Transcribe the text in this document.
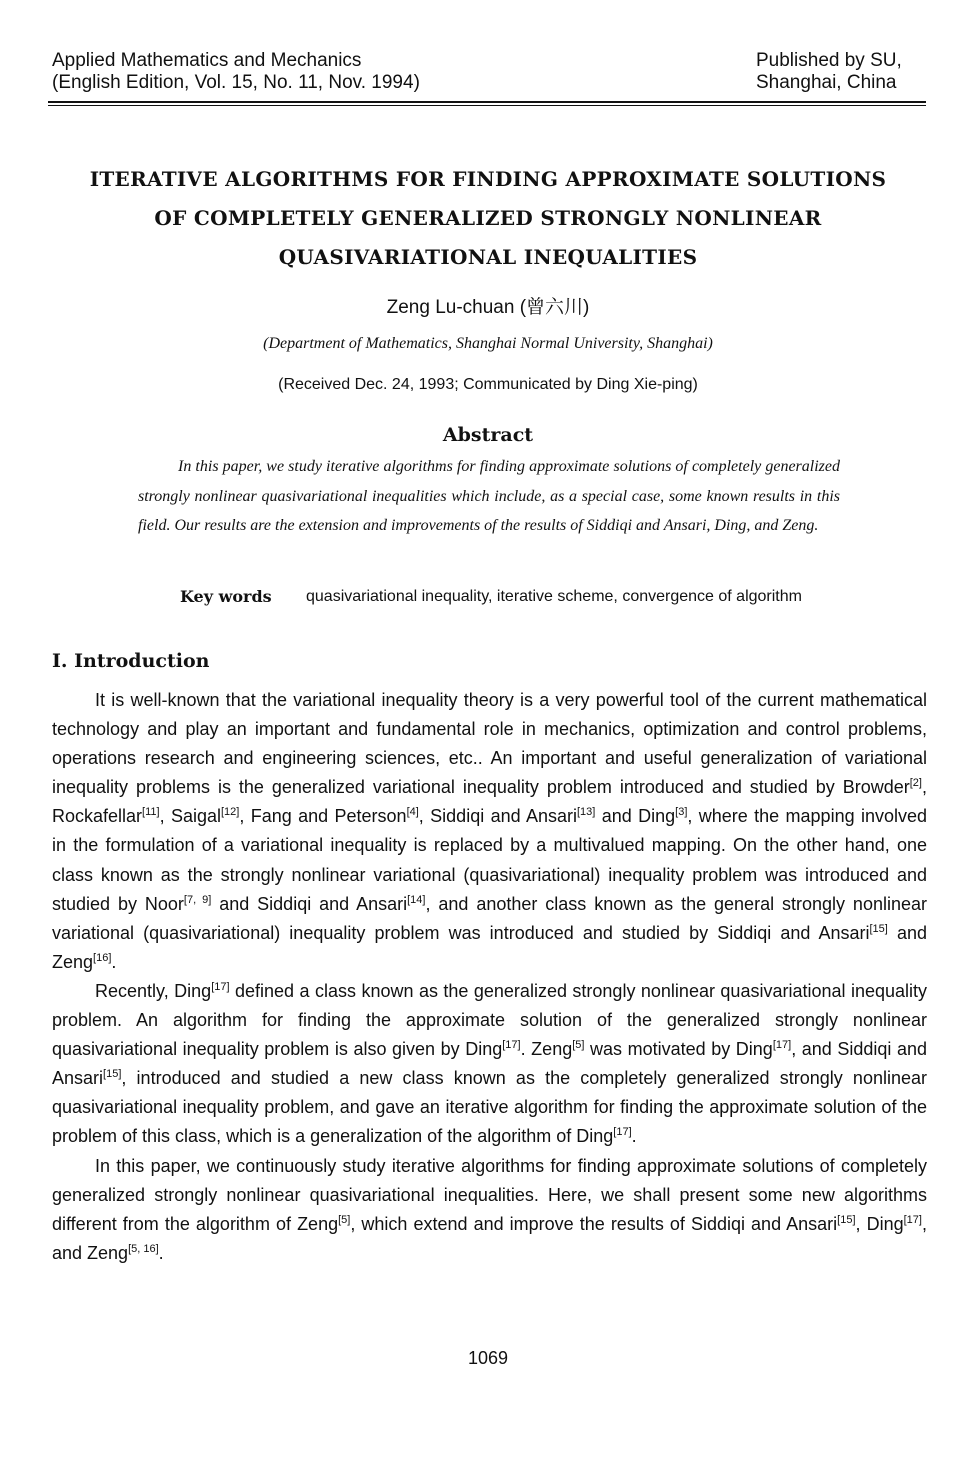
Applied Mathematics and Mechanics
(English Edition, Vol. 15, No. 11, Nov. 1994)
Published by SU,
Shanghai, China
ITERATIVE ALGORITHMS FOR FINDING APPROXIMATE SOLUTIONS
OF COMPLETELY GENERALIZED STRONGLY NONLINEAR
QUASIVARIATIONAL INEQUALITIES
Zeng Lu-chuan (曾六川)
(Department of Mathematics, Shanghai Normal University, Shanghai)
(Received Dec. 24, 1993; Communicated by Ding Xie-ping)
Abstract
In this paper, we study iterative algorithms for finding approximate solutions of completely generalized strongly nonlinear quasivariational inequalities which include, as a special case, some known results in this field. Our results are the extension and improvements of the results of Siddiqi and Ansari, Ding, and Zeng.
Key words quasivariational inequality, iterative scheme, convergence of algorithm
I. Introduction

It is well-known that the variational inequality theory is a very powerful tool of the current mathematical technology and play an important and fundamental role in mechanics, optimization and control problems, operations research and engineering sciences, etc.. An important and useful generalization of variational inequality problems is the generalized variational inequality problem introduced and studied by Browder[2], Rockafellar[11], Saigal[12], Fang and Peterson[4], Siddiqi and Ansari[13] and Ding[3], where the mapping involved in the formulation of a variational inequality is replaced by a multivalued mapping. On the other hand, one class known as the strongly nonlinear variational (quasivariational) inequality problem was introduced and studied by Noor[7, 9] and Siddiqi and Ansari[14], and another class known as the general strongly nonlinear variational (quasivariational) inequality problem was introduced and studied by Siddiqi and Ansari[15] and Zeng[16].

Recently, Ding[17] defined a class known as the generalized strongly nonlinear quasivariational inequality problem. An algorithm for finding the approximate solution of the generalized strongly nonlinear quasivariational inequality problem is also given by Ding[17]. Zeng[5] was motivated by Ding[17], and Siddiqi and Ansari[15], introduced and studied a new class known as the completely generalized strongly nonlinear quasivariational inequality problem, and gave an iterative algorithm for finding the approximate solution of the problem of this class, which is a generalization of the algorithm of Ding[17].

In this paper, we continuously study iterative algorithms for finding approximate solutions of completely generalized strongly nonlinear quasivariational inequalities. Here, we shall present some new algorithms different from the algorithm of Zeng[5], which extend and improve the results of Siddiqi and Ansari[15], Ding[17], and Zeng[5, 16].

1069
